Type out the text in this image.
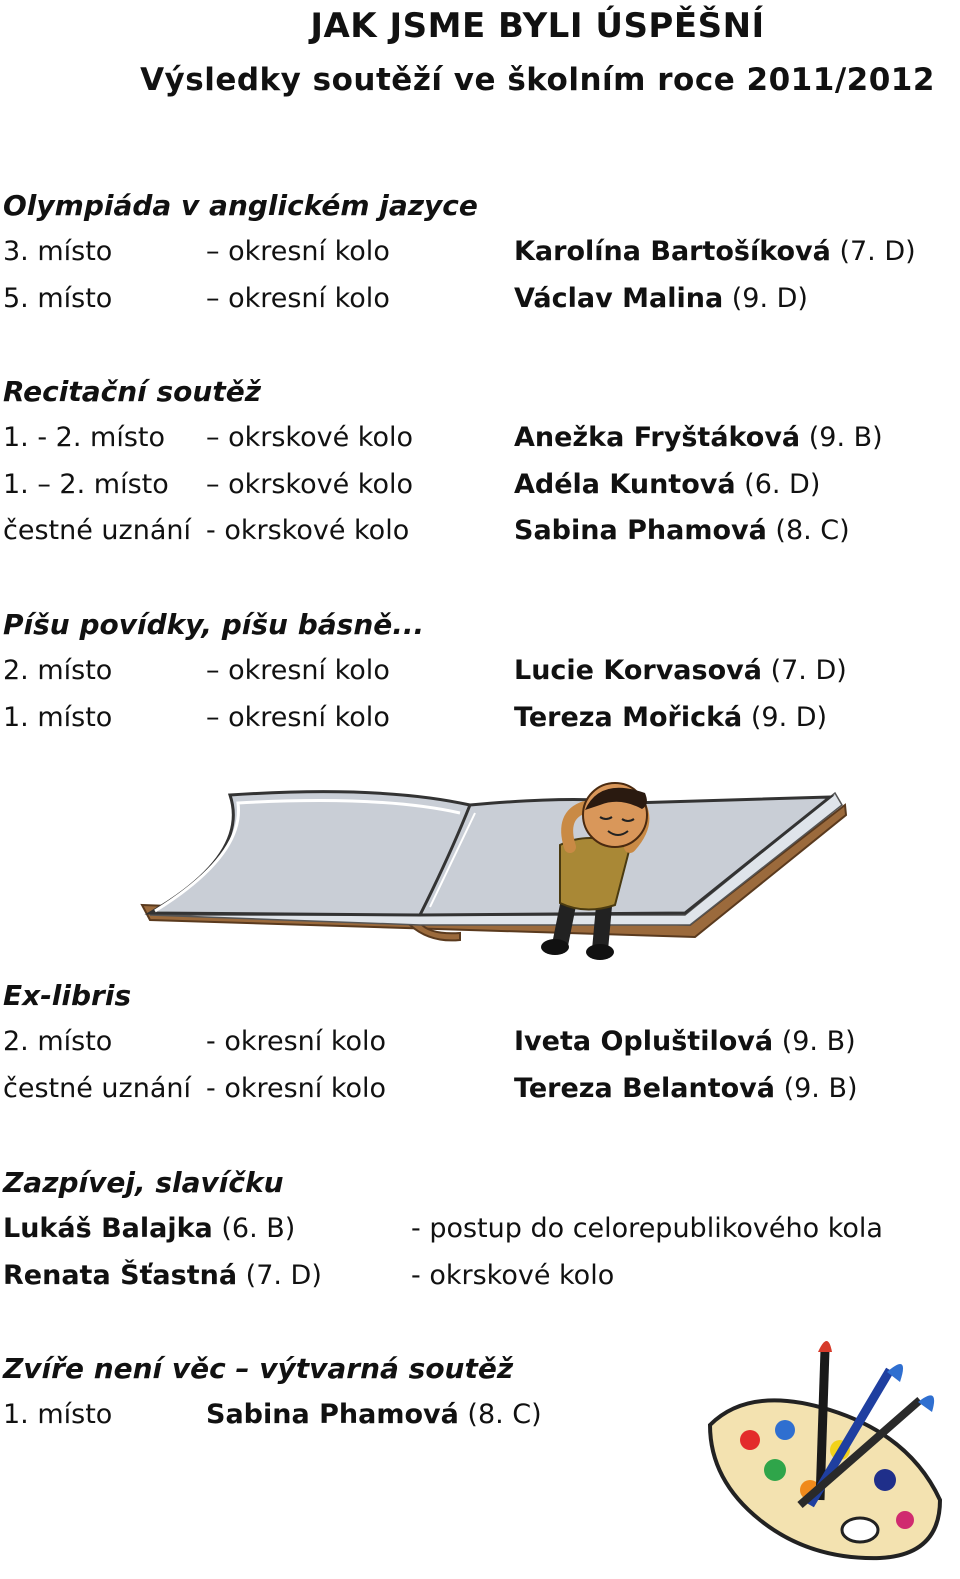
JAK JSME BYLI ÚSPĚŠNÍ
Výsledky soutěží ve školním roce 2011/2012
Olympiáda v anglickém jazyce
3. místo	– okresní kolo	Karolína Bartošíková (7. D)
5. místo	– okresní kolo	Václav Malina (9. D)
Recitační soutěž
1. - 2. místo – okrskové kolo	Anežka Fryštáková (9. B)
1. – 2. místo – okrskové kolo	Adéla Kuntová (6. D)
čestné uznání - okrskové kolo	Sabina Phamová (8. C)
Píšu povídky, píšu básně...
2. místo	– okresní kolo	Lucie Korvasová (7. D)
1. místo	– okresní kolo	Tereza Mořická (9. D)
Ex-libris
2. místo	- okresní kolo	Iveta Opluštilová (9. B)
čestné uznání - okresní kolo	Tereza Belantová (9. B)
Zazpívej, slavíčku
Lukáš Balajka (6. B)	- postup do celorepublikového kola
Renata Šťastná (7. D)	- okrskové kolo
Zvíře není věc – výtvarná soutěž
1. místo	Sabina Phamová (8. C)
